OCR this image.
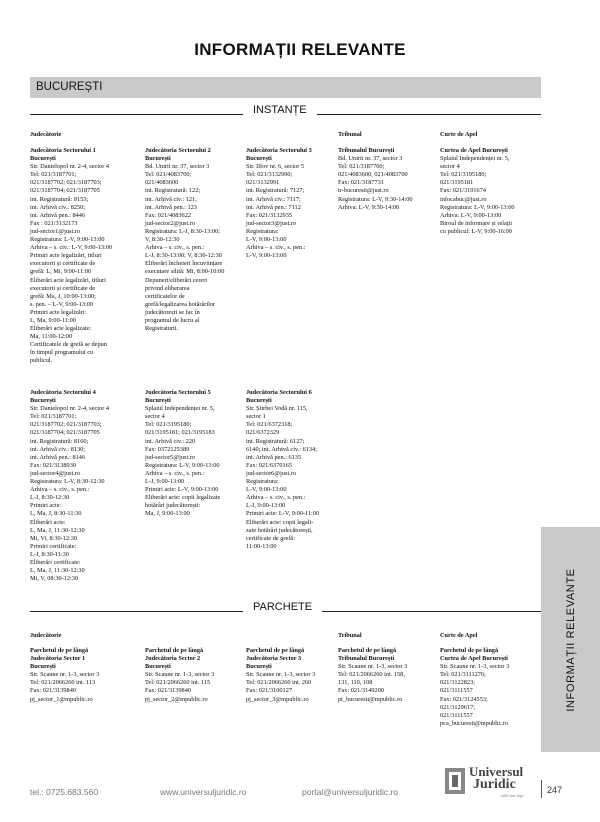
INFORMAȚII RELEVANTE
BUCUREȘTI
INSTANȚE
Judecătorie	Tribunal	Curte de Apel
Judecătoria Sectorului 1
București
Str. Danielopol nr. 2-4, sector 4
Tel: 021/3187701;
021/3187702; 021/3187703;
021/3187704; 021/3187705
int. Registratură: 8153;
int. Arhivă civ.: 8250;
int. Arhivă pen.: 8446
Fax : 021/3132173
jud-sector1@just.ro
Registratura: L-V, 9:00-13:00
Arhiva – s. civ.: L-V, 9:00-13:00
Primiri acte legalizări, titluri
executorii și certificate de
grefă: L, Mi, 9:00-11:00
Eliberări acte legalizări, titluri
executorii și certificate de
grefă: Ma, J, 10:00-13:00;
s. pen. – L-V, 9:00-13:00
Primiri acte legalizări:
L, Ma, 9:00-11:00
Eliberări acte legalizate:
Ma, 11:00-12:00
Certificatele de grefă se depun
în timpul programului cu
publicul.
Judecătoria Sectorului 2
București
Bd. Unirii nr. 37, sector 3
Tel: 021/4083700;
021/4083600
int. Registratură: 122;
int. Arhivă civ.: 121;
int. Arhivă pen.: 123
Fax: 021/4083622
jud-sector2@just.ro
Registratura: L-J, 8:30-13:00;
V, 8:30-12:30
Arhiva – s. civ., s. pen.:
L-J, 8:30-13:00; V, 8:30-12:30
Eliberări încheieri încuviințare
executare silită: Mi, 8:00-10:00
Depuneri/eliberări cereri
privind eliberarea
certificatelor de
grefă/legalizarea hotărârilor
judecătorești se fac în
programul de lucru al
Registraturii.
Judecătoria Sectorului 3
București
Str. Ilfov nr. 6, sector 5
Tel: 021/3132990;
021/3132991
int. Registratură: 7127;
int. Arhivă civ.: 7117;
int. Arhivă pen.: 7112
Fax: 021/3132935
jud-sector3@just.ro
Registratura:
L-V, 9:00-13:00
Arhiva – s. civ., s. pen.:
L-V, 9:00-13:00
Tribunalul București
Bd. Unirii nr. 37, sector 3
Tel: 021/3187700;
021/4083600, 021/4083700
Fax: 021/3187731
tr-bucuresti@just.ro
Registratura: L-V, 9:30-14:00
Arhiva: L-V, 9:30-14:00
Curtea de Apel București
Splaiul Independenței nr. 5,
sector 4
Tel: 021/3195180;
021/3195181
Fax: 021/3191674
infocabuc@just.ro
Registratura: L-V, 9:00-13:00
Arhiva: L-V, 9:00-13:00
Biroul de informare și relații
cu publicul: L-V, 9:00-16:00
Judecătoria Sectorului 4
București
Str. Danielopol nr. 2-4, sector 4
Tel: 021/3187701;
021/3187702; 021/3187703;
021/3187704; 021/3187705
int. Registratură: 8160;
int. Arhivă civ.: 8130;
int. Arhivă pen.: 8146
Fax: 021/3138930
jud-sector4@just.ro
Registratura: L-V, 8:30-12:30
Arhiva – s. civ., s. pen.:
L-J, 8:30-12:30
Primiri acte:
L, Ma, J, 8:30-11:30
Eliberări acte:
L, Ma, J, 11:30-12:30
Mi, Vi, 8:30-12:30
Primiri certificate:
L-J, 8:30-11:30
Eliberări certificate:
L, Ma, J, 11:30-12:30
Mi, V, 08:30-12:30
Judecătoria Sectorului 5
București
Splaiul Independenței nr. 5,
sector 4
Tel: 021/3195180;
021/3195181; 021/3195183
int. Arhivă civ.: 220
Fax: 0372125389
jud-sector5@just.ro
Registratura: L-V, 9:00-13:00
Arhiva – s. civ., s. pen.:
L-J, 9:00-13:00
Primiri acte: L-V, 9:00-13:00
Eliberări acte: copii legalizate
hotărâri judecătorești:
Ma, J, 9:00-13:00
Judecătoria Sectorului 6
București
Str. Știrbei Vodă nr. 115,
sector 1
Tel: 021/6372318;
021/6372329
int. Registratură: 6127;
6140; int. Arhivă civ.: 6134;
int. Arhivă pen.: 6135
Fax: 021/6370165
jud-sector6@just.ro
Registratura:
L-V, 9:00-13:00
Arhiva – s. civ., s. pen.:
L-J, 9:00-13:00
Primiri acte: L-V, 9:00-11:00
Eliberări acte: copii legali-
zate hotărâri judecătorești,
certificate de grefă:
11:00-13:00
PARCHETE
Judecătorie	Tribunal	Curte de Apel
Parchetul de pe lângă
Judecătoria Sector 1
București
Str. Scaune nr. 1-3, sector 3
Tel: 021/2066260 int. 113
Fax: 021/3139840
pj_sector_1@mpublic.ro
Parchetul de pe lângă
Judecătoria Sector 2
București
Str. Scaune nr. 1-3, sector 3
Tel: 021/2066260 int. 115
Fax: 021/3139840
pj_sector_2@mpublic.ro
Parchetul de pe lângă
Judecătoria Sector 3
București
Str. Scaune nr. 1-3, sector 3
Tel: 021/2066260 int. 260
Fax: 021/3100127
pj_sector_3@mpublic.ro
Parchetul de pe lângă
Tribunalul București
Str. Scaune nr. 1-3, sector 3
Tel: 021/2066260 int. 158,
131, 110, 108
Fax: 021/3149200
pt_bucuresti@mpublic.ro
Parchetul de pe lângă
Curtea de Apel București
Str. Scaune nr. 1-3, sector 3
Tel: 021/3111276;
021/3122823;
021/3111557
Fax: 021/3124553;
021/3129617;
021/3111557
pca_bucuresti@mpublic.ro
INFORMAȚII RELEVANTE
tel.: 0725.683.560	www.universuljuridic.ro	portal@universuljuridic.ro
Universul
Juridic
nihil sine lege
247
